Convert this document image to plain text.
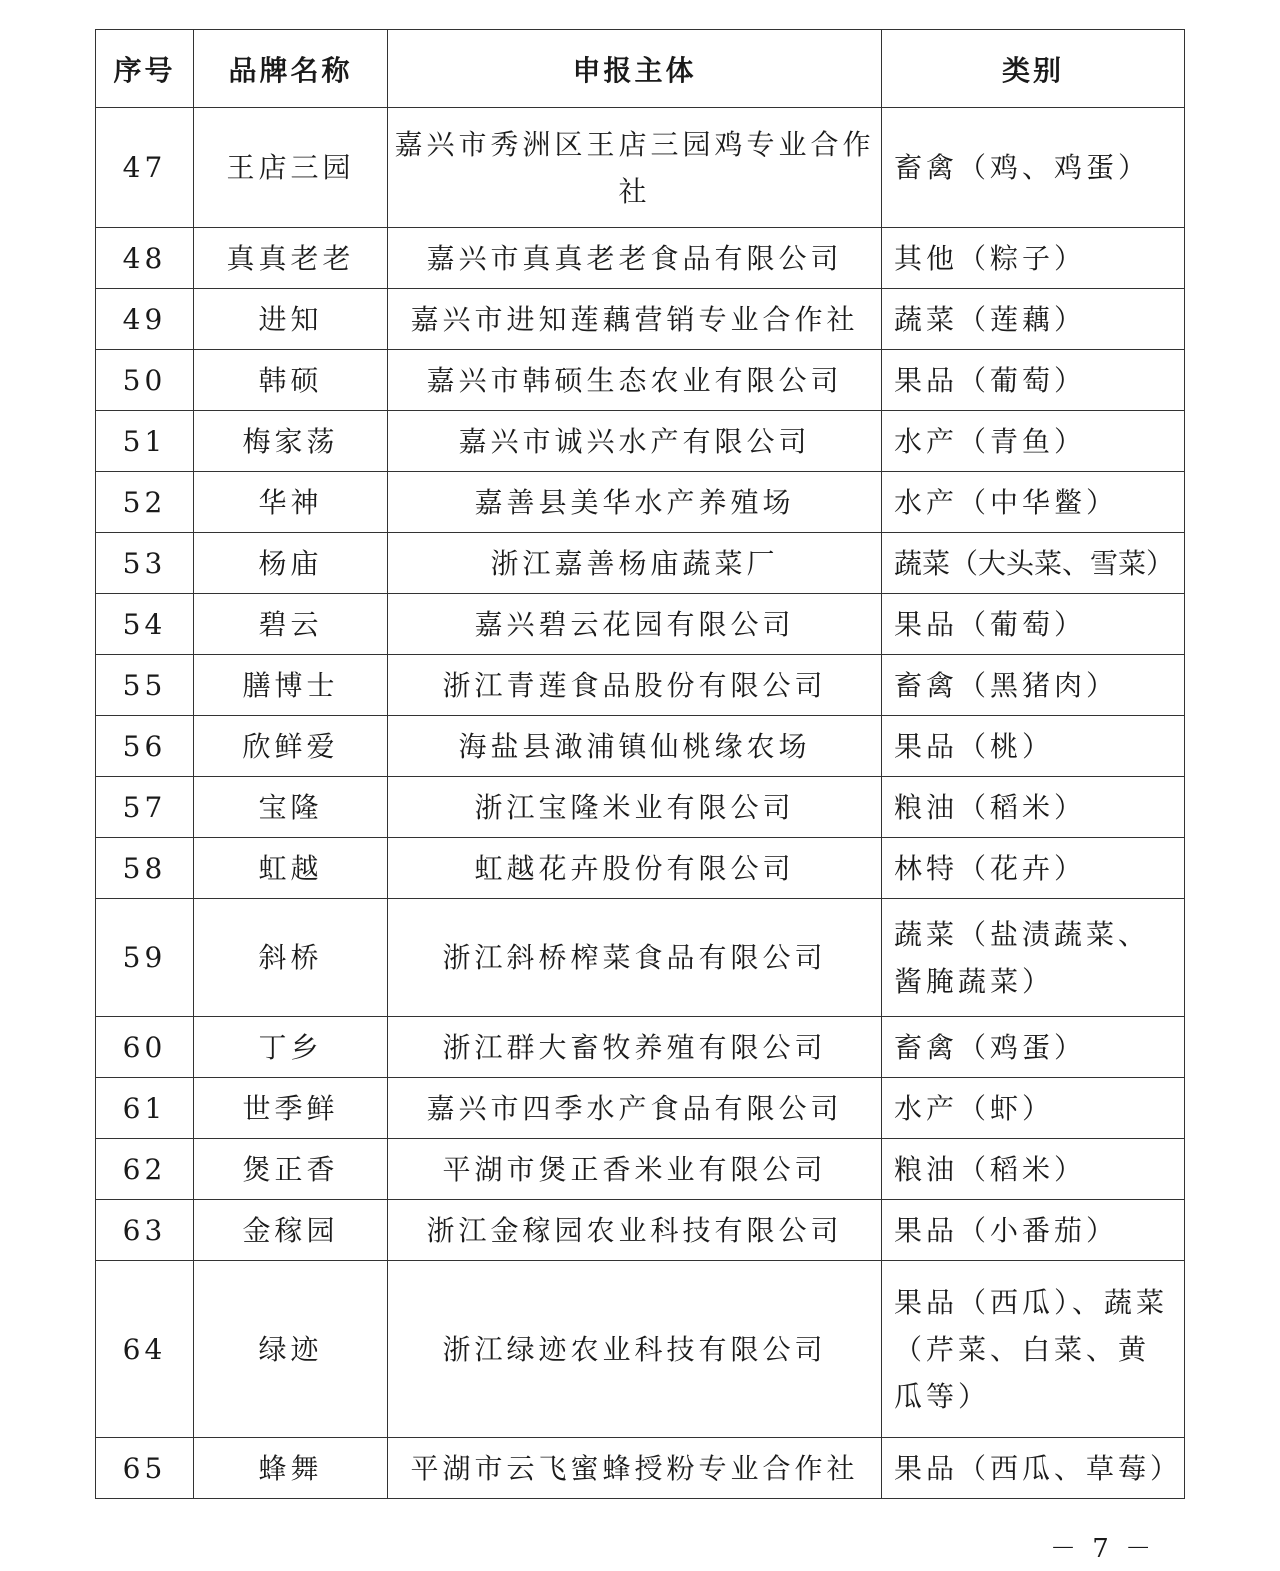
序号	品牌名称	申报主体	类别
47	王店三园	嘉兴市秀洲区王店三园鸡专业合作社	畜禽（鸡、鸡蛋）
48	真真老老	嘉兴市真真老老食品有限公司	其他（粽子）
49	进知	嘉兴市进知莲藕营销专业合作社	蔬菜（莲藕）
50	韩硕	嘉兴市韩硕生态农业有限公司	果品（葡萄）
51	梅家荡	嘉兴市诚兴水产有限公司	水产（青鱼）
52	华神	嘉善县美华水产养殖场	水产（中华鳖）
53	杨庙	浙江嘉善杨庙蔬菜厂	蔬菜（大头菜、雪菜）
54	碧云	嘉兴碧云花园有限公司	果品（葡萄）
55	膳博士	浙江青莲食品股份有限公司	畜禽（黑猪肉）
56	欣鲜爱	海盐县澉浦镇仙桃缘农场	果品（桃）
57	宝隆	浙江宝隆米业有限公司	粮油（稻米）
58	虹越	虹越花卉股份有限公司	林特（花卉）
59	斜桥	浙江斜桥榨菜食品有限公司	蔬菜（盐渍蔬菜、酱腌蔬菜）
60	丁乡	浙江群大畜牧养殖有限公司	畜禽（鸡蛋）
61	世季鲜	嘉兴市四季水产食品有限公司	水产（虾）
62	煲正香	平湖市煲正香米业有限公司	粮油（稻米）
63	金稼园	浙江金稼园农业科技有限公司	果品（小番茄）
64	绿迹	浙江绿迹农业科技有限公司	果品（西瓜）、蔬菜（芹菜、白菜、黄瓜等）
65	蜂舞	平湖市云飞蜜蜂授粉专业合作社	果品（西瓜、草莓）
－ 7 －
